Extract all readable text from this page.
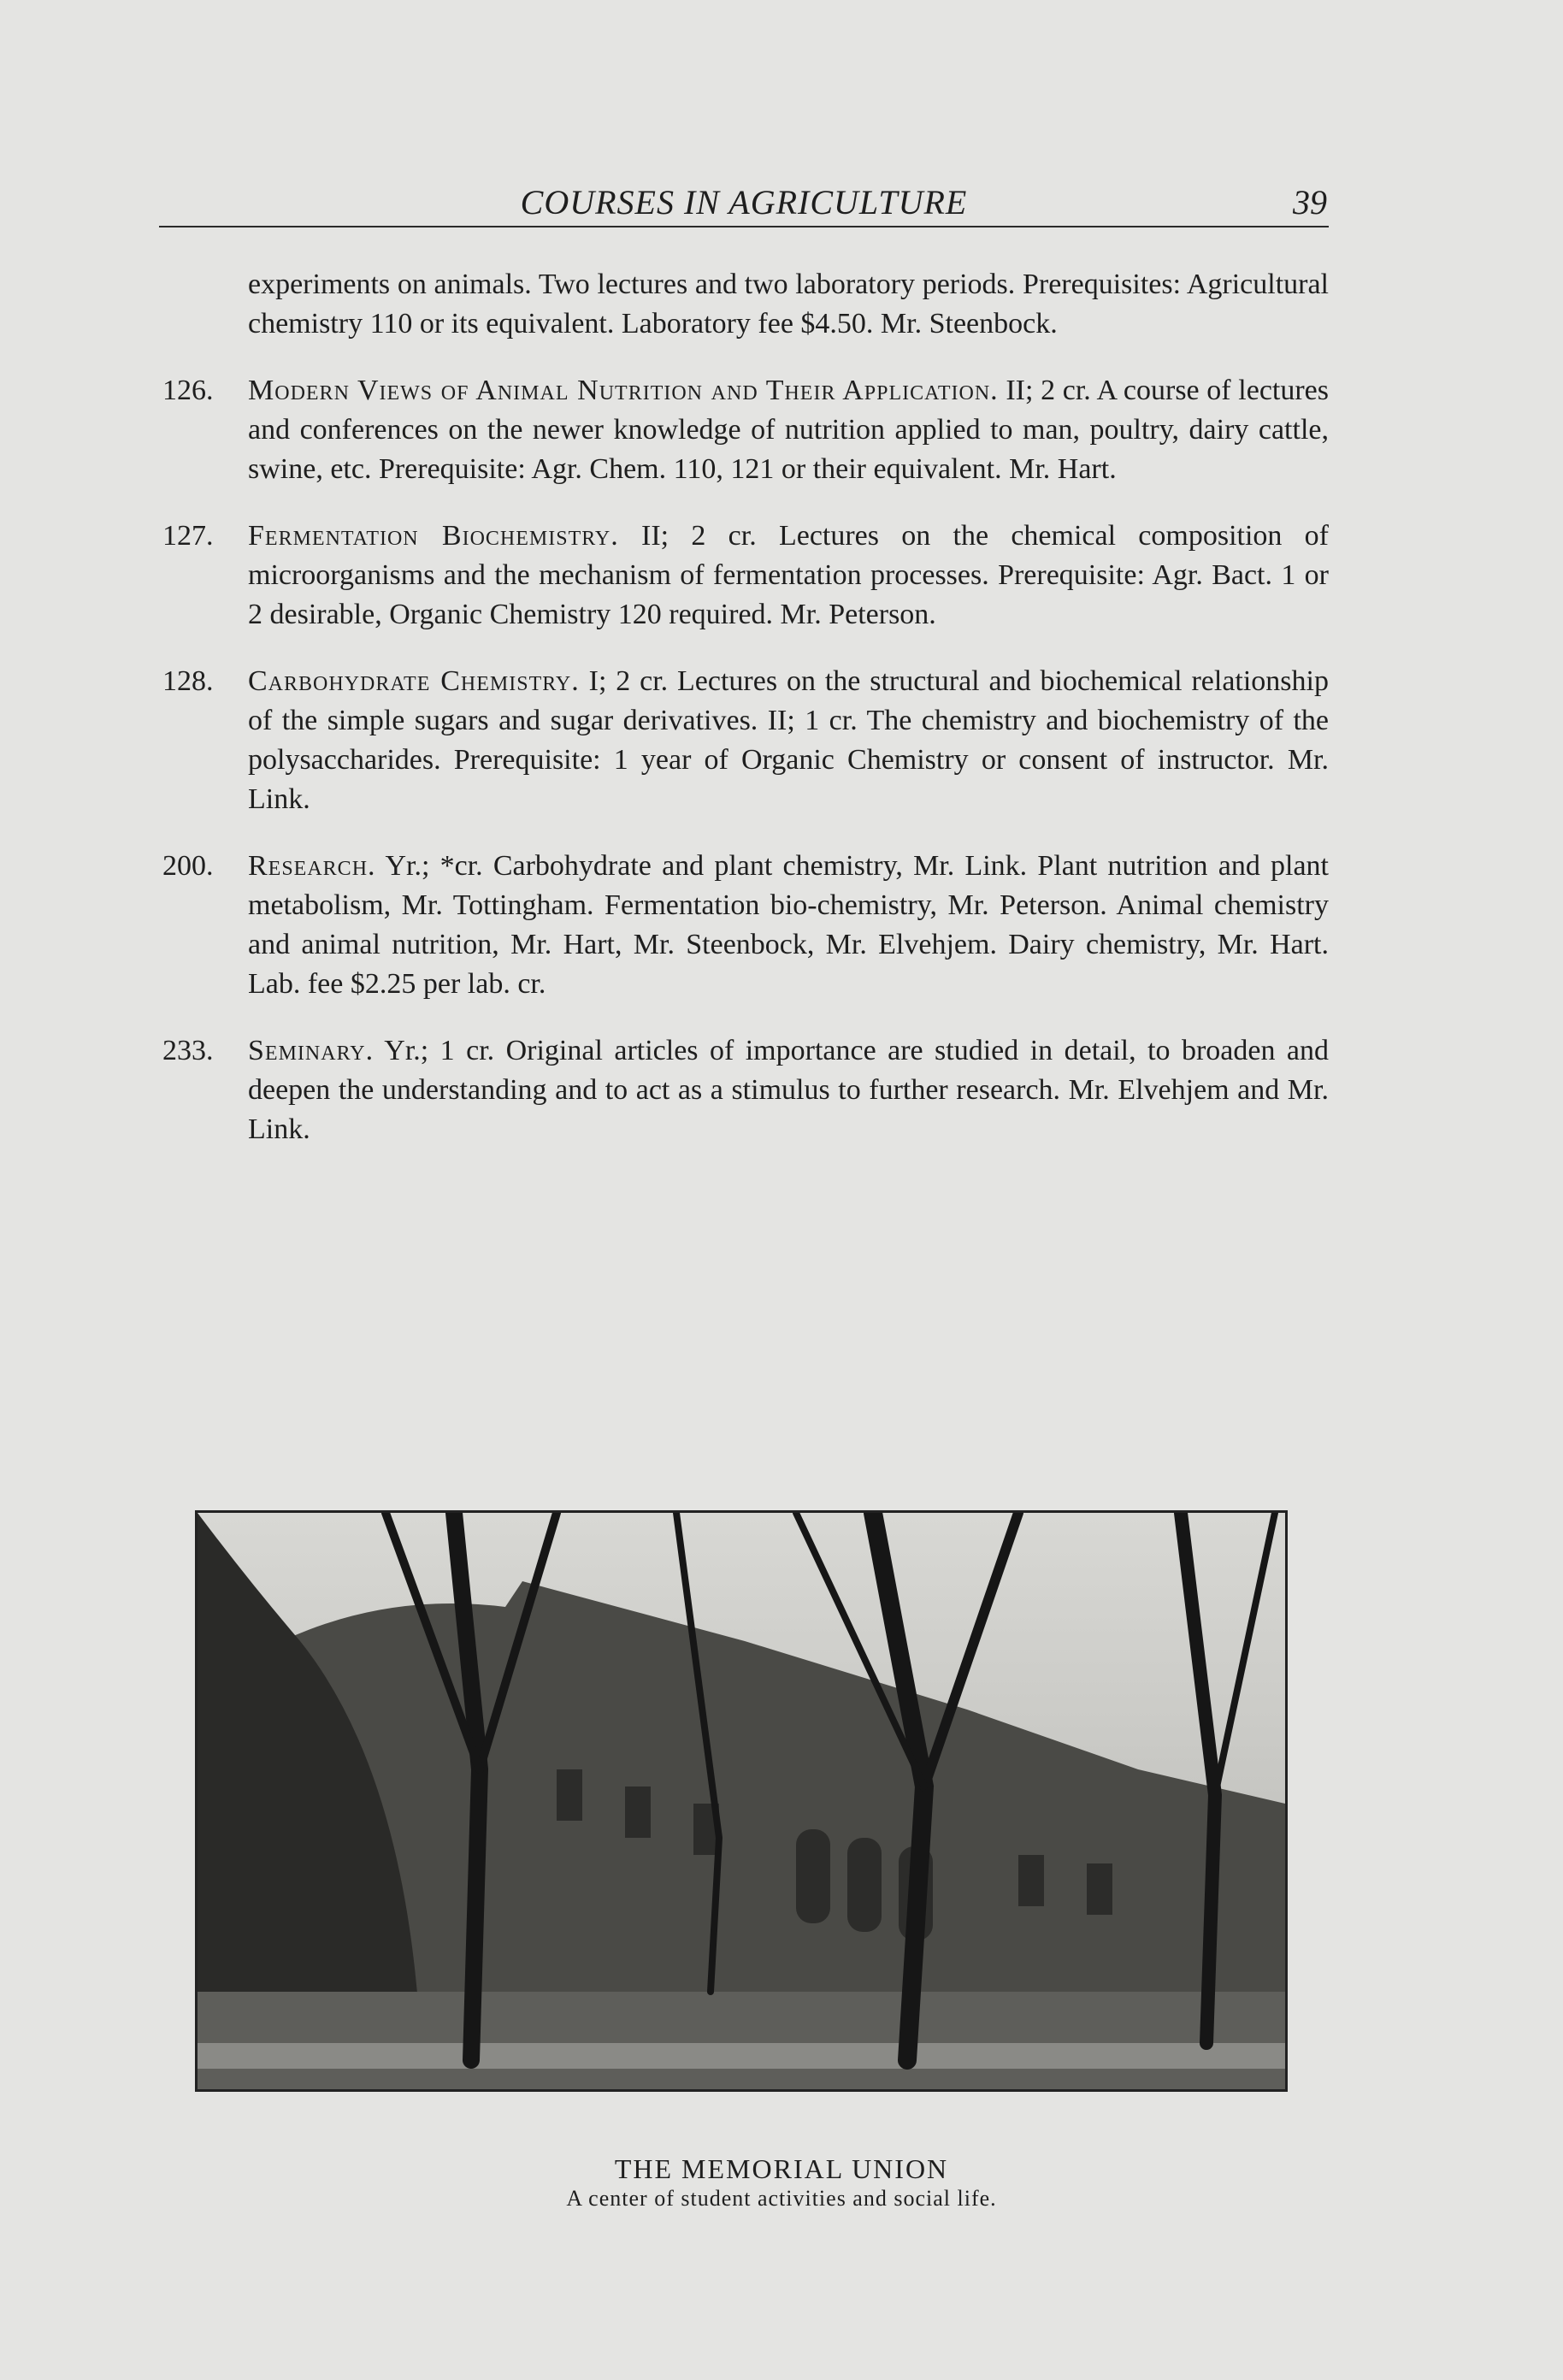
COURSES IN AGRICULTURE	39
experiments on animals. Two lectures and two laboratory periods. Prerequisites: Agricultural chemistry 110 or its equivalent. Laboratory fee $4.50. Mr. Steenbock.
126.	Modern Views of Animal Nutrition and Their Application. II; 2 cr. A course of lectures and conferences on the newer knowledge of nutrition applied to man, poultry, dairy cattle, swine, etc. Prerequisite: Agr. Chem. 110, 121 or their equivalent. Mr. Hart.
127.	Fermentation Biochemistry. II; 2 cr. Lectures on the chemical composition of microorganisms and the mechanism of fermentation processes. Prerequisite: Agr. Bact. 1 or 2 desirable, Organic Chemistry 120 required. Mr. Peterson.
128.	Carbohydrate Chemistry. I; 2 cr. Lectures on the structural and biochemical relationship of the simple sugars and sugar derivatives. II; 1 cr. The chemistry and biochemistry of the polysaccharides. Prerequisite: 1 year of Organic Chemistry or consent of instructor. Mr. Link.
200.	Research. Yr.; *cr. Carbohydrate and plant chemistry, Mr. Link. Plant nutrition and plant metabolism, Mr. Tottingham. Fermentation bio-chemistry, Mr. Peterson. Animal chemistry and animal nutrition, Mr. Hart, Mr. Steenbock, Mr. Elvehjem. Dairy chemistry, Mr. Hart. Lab. fee $2.25 per lab. cr.
233.	Seminary. Yr.; 1 cr. Original articles of importance are studied in detail, to broaden and deepen the understanding and to act as a stimulus to further research. Mr. Elvehjem and Mr. Link.
THE MEMORIAL UNION
A center of student activities and social life.
